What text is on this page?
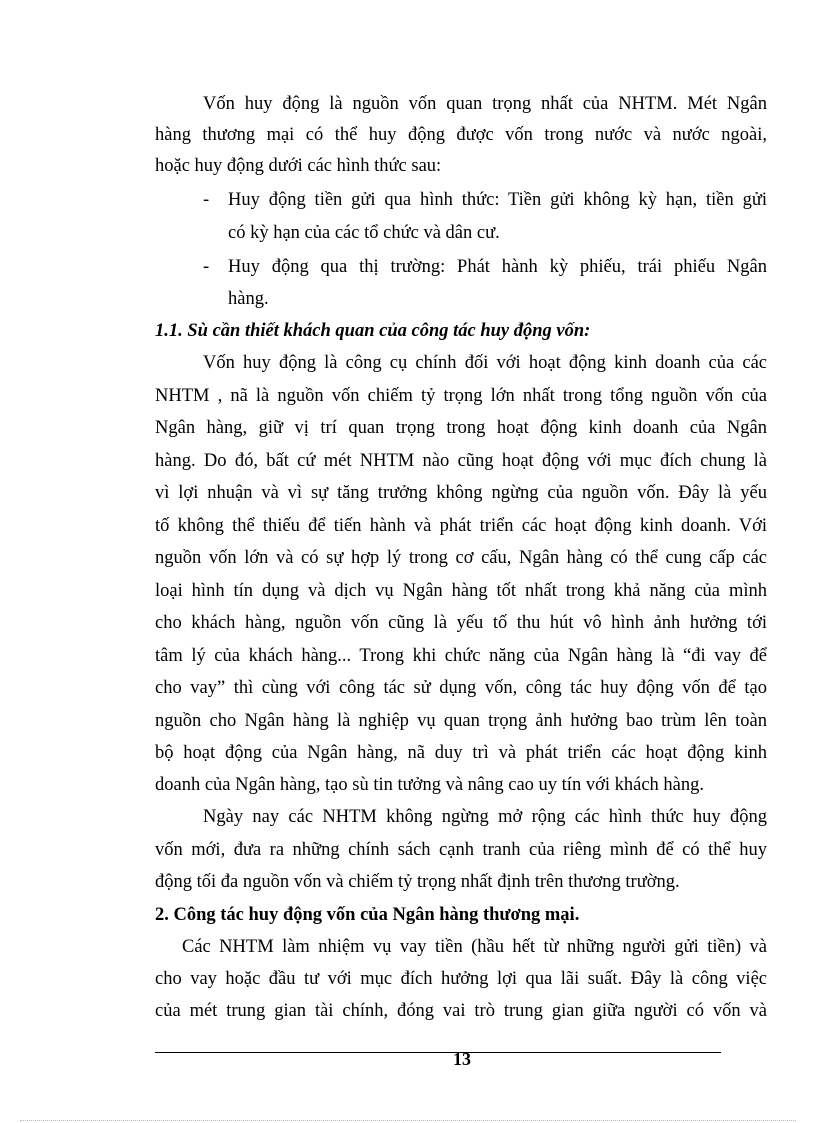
Vốn huy động là nguồn vốn quan trọng nhất của NHTM. Mét Ngân
hàng thương mại có thể huy động được vốn trong nước và nước ngoài,
hoặc huy động dưới các hình thức sau:
- Huy động tiền gửi qua hình thức: Tiền gửi không kỳ hạn, tiền gửi
có kỳ hạn của các tổ chức và dân cư.
- Huy động qua thị trường: Phát hành kỳ phiếu, trái phiếu Ngân
hàng.
1.1. Sù cần thiết khách quan của công tác huy động vốn:
Vốn huy động là công cụ chính đối với hoạt động kinh doanh của các
NHTM , nã là nguồn vốn chiếm tỷ trọng lớn nhất trong tổng nguồn vốn của
Ngân hàng, giữ vị trí quan trọng trong hoạt động kinh doanh của Ngân
hàng. Do đó, bất cứ mét NHTM nào cũng hoạt động với mục đích chung là
vì lợi nhuận và vì sự tăng trưởng không ngừng của nguồn vốn. Đây là yếu
tố không thể thiếu để tiến hành và phát triển các hoạt động kinh doanh. Với
nguồn vốn lớn và có sự hợp lý trong cơ cấu, Ngân hàng có thể cung cấp các
loại hình tín dụng và dịch vụ Ngân hàng tốt nhất trong khả năng của mình
cho khách hàng, nguồn vốn cũng là yếu tố thu hút vô hình ảnh hưởng tới
tâm lý của khách hàng... Trong khi chức năng của Ngân hàng là “đi vay để
cho vay” thì cùng với công tác sử dụng vốn, công tác huy động vốn để tạo
nguồn cho Ngân hàng là nghiệp vụ quan trọng ảnh hưởng bao trùm lên toàn
bộ hoạt động của Ngân hàng, nã duy trì và phát triển các hoạt động kinh
doanh của Ngân hàng, tạo sù tin tưởng và nâng cao uy tín với khách hàng.
Ngày nay các NHTM không ngừng mở rộng các hình thức huy động
vốn mới, đưa ra những chính sách cạnh tranh của riêng mình để có thể huy
động tối đa nguồn vốn và chiếm tỷ trọng nhất định trên thương trường.
2. Công tác huy động vốn của Ngân hàng thương mại.
Các NHTM làm nhiệm vụ vay tiền (hầu hết từ những người gửi tiền) và
cho vay hoặc đầu tư với mục đích hưởng lợi qua lãi suất. Đây là công việc
của mét trung gian tài chính, đóng vai trò trung gian giữa người có vốn và
13
